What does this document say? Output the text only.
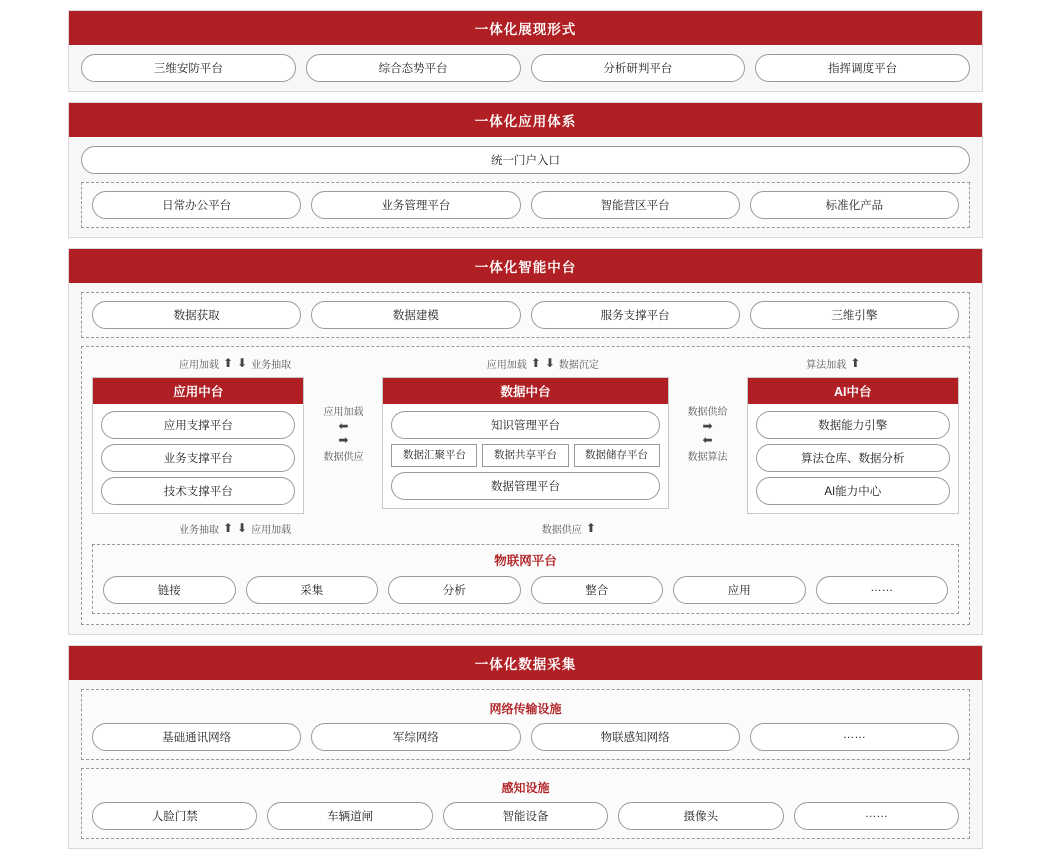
一体化展现形式
三维安防平台	综合态势平台	分析研判平台	指挥调度平台
一体化应用体系
统一门户入口
日常办公平台	业务管理平台	智能营区平台	标准化产品
一体化智能中台
数据获取	数据建模	服务支撑平台	三维引擎
应用加载 ⬆ ⬇ 业务抽取	应用加载 ⬆ ⬇ 数据沉定	算法加载 ⬆
应用中台
应用支撑平台
业务支撑平台
技术支撑平台
应用加载
⬅
➡
数据供应
数据中台
知识管理平台
数据汇聚平台	数据共享平台	数据储存平台
数据管理平台
数据供给
➡
⬅
数据算法
AI中台
数据能力引擎
算法仓库、数据分析
AI能力中心
业务抽取 ⬆ ⬇ 应用加载	数据供应 ⬆
物联网平台
链接	采集	分析	整合	应用	……
一体化数据采集
网络传输设施
基础通讯网络	军综网络	物联感知网络	……
感知设施
人脸门禁	车辆道闸	智能设备	摄像头	……
